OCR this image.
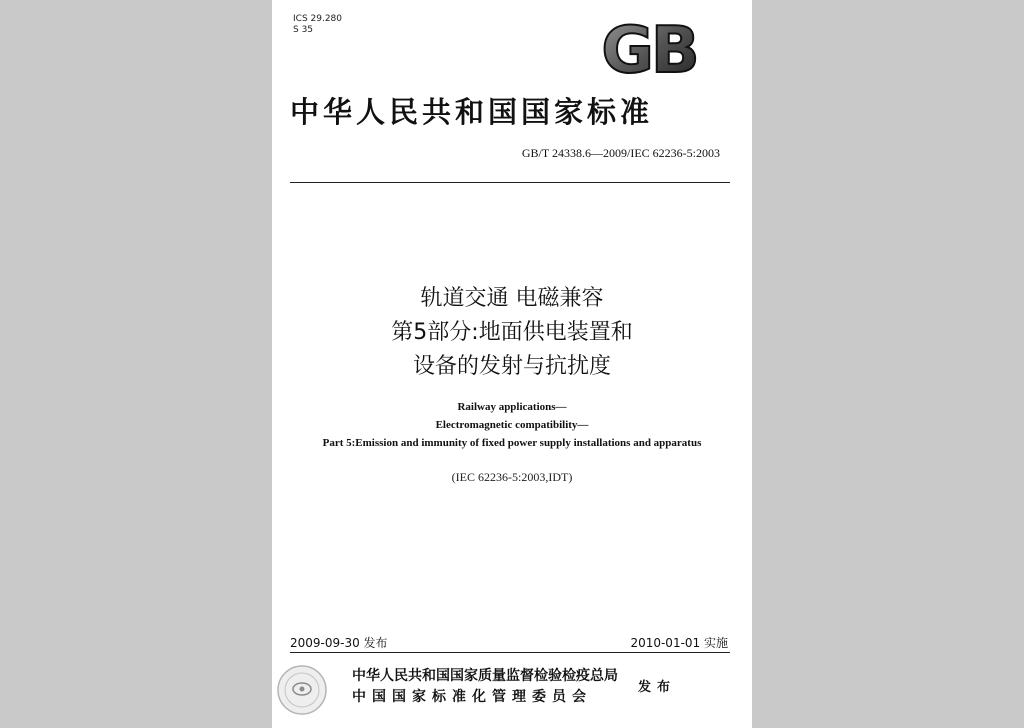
ICS 29.280
S 35	GB
中华人民共和国国家标准
GB/T 24338.6—2009/IEC 62236-5:2003
轨道交通 电磁兼容
第5部分:地面供电装置和
设备的发射与抗扰度
Railway applications—
Electromagnetic compatibility—
Part 5:Emission and immunity of fixed power supply installations and apparatus
(IEC 62236-5:2003,IDT)
2009-09-30 发布	2010-01-01 实施
中华人民共和国国家质量监督检验检疫总局
中国国家标准化管理委员会
发布
